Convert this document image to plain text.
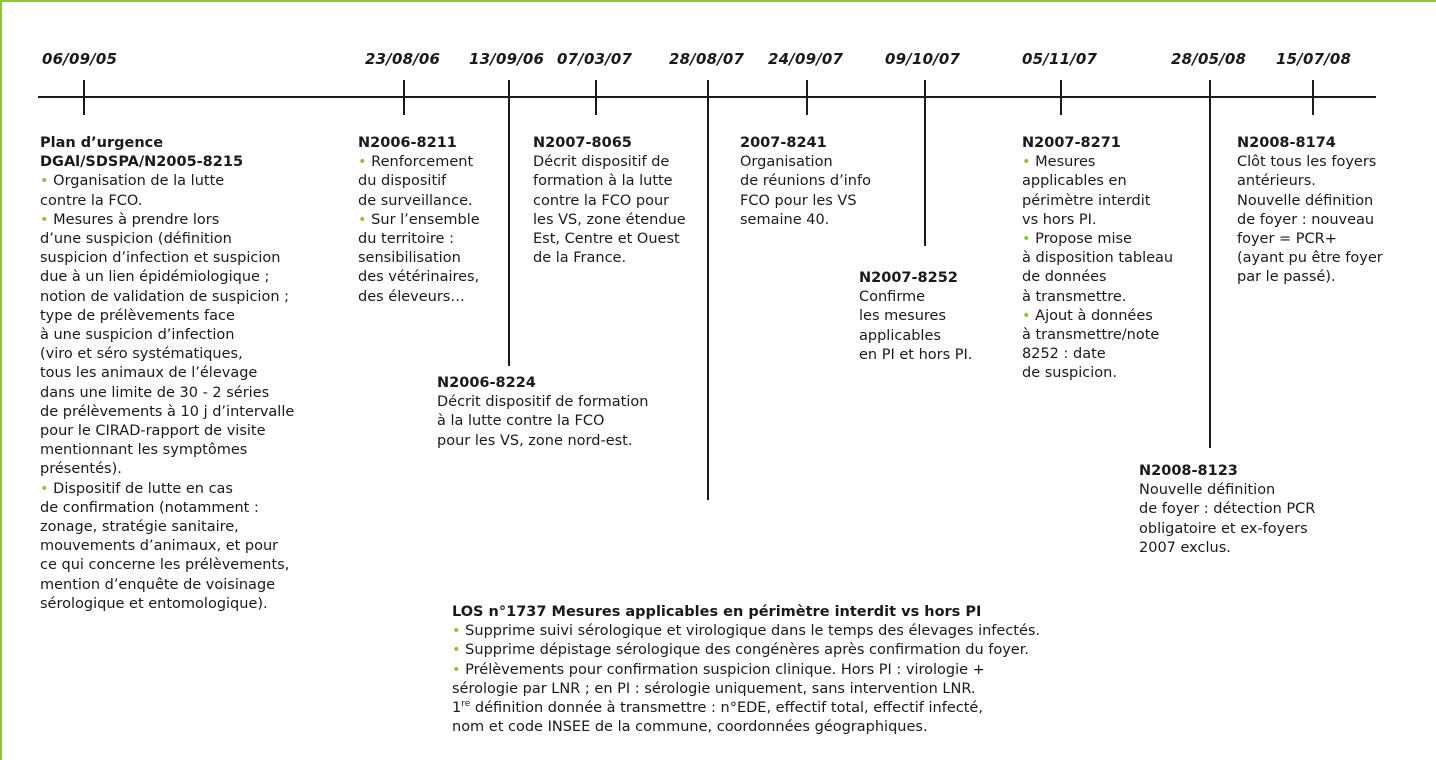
06/09/05	23/08/06 13/09/06 07/03/07 28/08/07 24/09/07	09/10/07	05/11/07	28/05/08 15/07/08
Plan d’urgence
DGAl/SDSPA/N2005-8215
• Organisation de la lutte
contre la FCO.
• Mesures à prendre lors
d’une suspicion (définition
suspicion d’infection et suspicion
due à un lien épidémiologique ;
notion de validation de suspicion ;
type de prélèvements face
à une suspicion d’infection
(viro et séro systématiques,
tous les animaux de l’élevage
dans une limite de 30 - 2 séries
de prélèvements à 10 j d’intervalle
pour le CIRAD-rapport de visite
mentionnant les symptômes
présentés).
• Dispositif de lutte en cas
de confirmation (notamment :
zonage, stratégie sanitaire,
mouvements d’animaux, et pour
ce qui concerne les prélèvements,
mention d’enquête de voisinage
sérologique et entomologique).
N2006-8211
• Renforcement
du dispositif
de surveillance.
• Sur l’ensemble
du territoire :
sensibilisation
des vétérinaires,
des éleveurs…
N2006-8224
Décrit dispositif de formation
à la lutte contre la FCO
pour les VS, zone nord-est.
N2007-8065
Décrit dispositif de
formation à la lutte
contre la FCO pour
les VS, zone étendue
Est, Centre et Ouest
de la France.
LOS n°1737 Mesures applicables en périmètre interdit vs hors PI
• Supprime suivi sérologique et virologique dans le temps des élevages infectés.
• Supprime dépistage sérologique des congénères après confirmation du foyer.
• Prélèvements pour confirmation suspicion clinique. Hors PI : virologie +
sérologie par LNR ; en PI : sérologie uniquement, sans intervention LNR.
1re définition donnée à transmettre : n°EDE, effectif total, effectif infecté,
nom et code INSEE de la commune, coordonnées géographiques.
2007-8241
Organisation
de réunions d’info
FCO pour les VS
semaine 40.
N2007-8252
Confirme
les mesures
applicables
en PI et hors PI.
N2007-8271
• Mesures
applicables en
périmètre interdit
vs hors PI.
• Propose mise
à disposition tableau
de données
à transmettre.
• Ajout à données
à transmettre/note
8252 : date
de suspicion.
N2008-8123
Nouvelle définition
de foyer : détection PCR
obligatoire et ex-foyers
2007 exclus.
N2008-8174
Clôt tous les foyers
antérieurs.
Nouvelle définition
de foyer : nouveau
foyer = PCR+
(ayant pu être foyer
par le passé).
